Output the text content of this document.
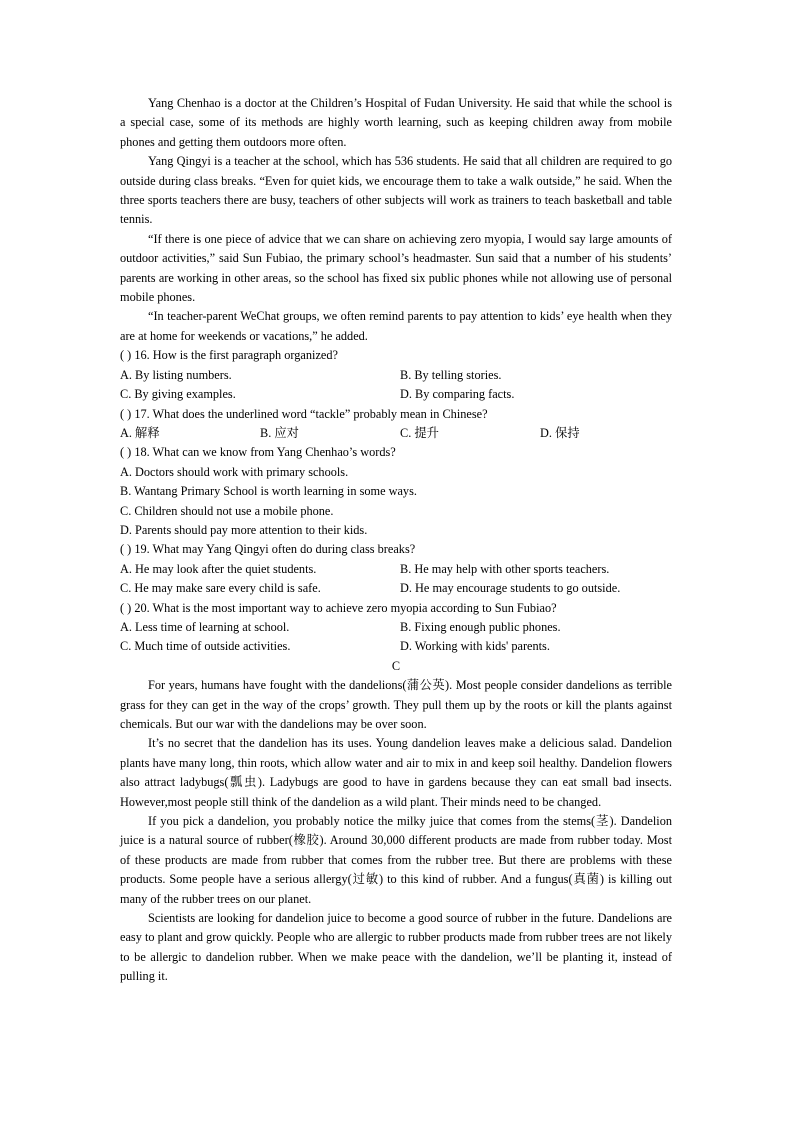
Yang Chenhao is a doctor at the Children’s Hospital of Fudan University. He said that while the school is a special case, some of its methods are highly worth learning, such as keeping children away from mobile phones and getting them outdoors more often.

Yang Qingyi is a teacher at the school, which has 536 students. He said that all children are required to go outside during class breaks. “Even for quiet kids, we encourage them to take a walk outside,” he said. When the three sports teachers there are busy, teachers of other subjects will work as trainers to teach basketball and table tennis.

“If there is one piece of advice that we can share on achieving zero myopia, I would say large amounts of outdoor activities,” said Sun Fubiao, the primary school’s headmaster. Sun said that a number of his students’ parents are working in other areas, so the school has fixed six public phones while not allowing use of personal mobile phones.

“In teacher-parent WeChat groups, we often remind parents to pay attention to kids’ eye health when they are at home for weekends or vacations,” he added.

( ) 16. How is the first paragraph organized?
A. By listing numbers.	B. By telling stories.
C. By giving examples.	D. By comparing facts.
( ) 17. What does the underlined word “tackle” probably mean in Chinese?
A. 解释	B. 应对	C. 提升	D. 保持
( ) 18. What can we know from Yang Chenhao’s words?
A. Doctors should work with primary schools.
B. Wantang Primary School is worth learning in some ways.
C. Children should not use a mobile phone.
D. Parents should pay more attention to their kids.
( ) 19. What may Yang Qingyi often do during class breaks?
A. He may look after the quiet students.	B. He may help with other sports teachers.
C. He may make sare every child is safe.	D. He may encourage students to go outside.
( ) 20. What is the most important way to achieve zero myopia according to Sun Fubiao?
A. Less time of learning at school.	B. Fixing enough public phones.
C. Much time of outside activities.	D. Working with kids' parents.
C

For years, humans have fought with the dandelions(蒲公英). Most people consider dandelions as terrible grass for they can get in the way of the crops’ growth. They pull them up by the roots or kill the plants against chemicals. But our war with the dandelions may be over soon.

It’s no secret that the dandelion has its uses. Young dandelion leaves make a delicious salad. Dandelion plants have many long, thin roots, which allow water and air to mix in and keep soil healthy. Dandelion flowers also attract ladybugs(瓢虫). Ladybugs are good to have in gardens because they can eat small bad insects. However,most people still think of the dandelion as a wild plant. Their minds need to be changed.

If you pick a dandelion, you probably notice the milky juice that comes from the stems(茎). Dandelion juice is a natural source of rubber(橡胶). Around 30,000 different products are made from rubber today. Most of these products are made from rubber that comes from the rubber tree. But there are problems with these products. Some people have a serious allergy(过敏) to this kind of rubber. And a fungus(真菌) is killing out many of the rubber trees on our planet.

Scientists are looking for dandelion juice to become a good source of rubber in the future. Dandelions are easy to plant and grow quickly. People who are allergic to rubber products made from rubber trees are not likely to be allergic to dandelion rubber. When we make peace with the dandelion, we’ll be planting it, instead of pulling it.
